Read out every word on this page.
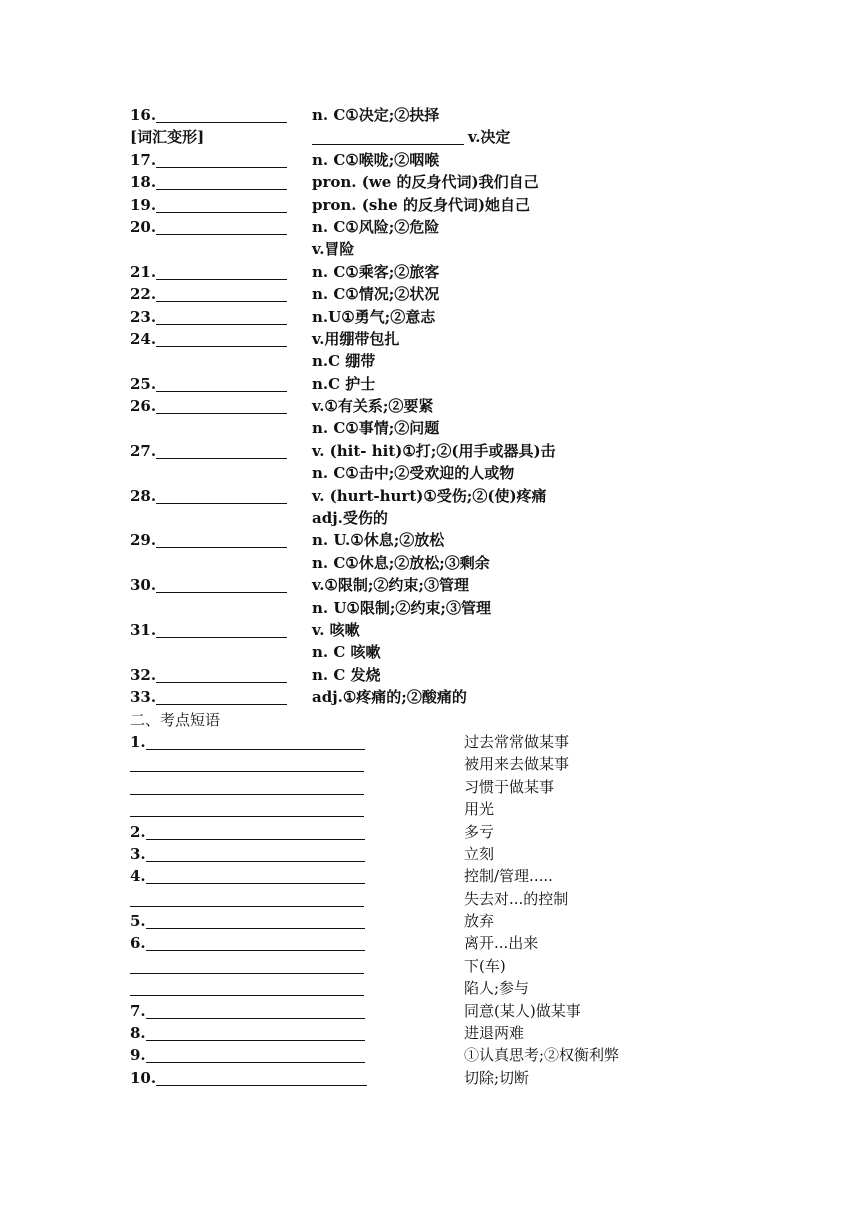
16.	n. C①决定;②抉择
[词汇变形]	v.决定
17.	n. C①喉咙;②咽喉
18.	pron. (we 的反身代词)我们自己
19.	pron. (she 的反身代词)她自己
20.	n. C①风险;②危险
v.冒险
21.	n. C①乘客;②旅客
22.	n. C①情况;②状况
23.	n.U①勇气;②意志
24.	v.用绷带包扎
n.C 绷带
25.	n.C 护士
26.	v.①有关系;②要紧
n. C①事情;②问题
27.	v. (hit- hit)①打;②(用手或器具)击
n. C①击中;②受欢迎的人或物
28.	v. (hurt-hurt)①受伤;②(使)疼痛
adj.受伤的
29.	n. U.①休息;②放松
n. C①休息;②放松;③剩余
30.	v.①限制;②约束;③管理
n. U①限制;②约束;③管理
31.	v. 咳嗽
n. C 咳嗽
32.	n. C 发烧
33.	adj.①疼痛的;②酸痛的
二、考点短语
1.	过去常常做某事
被用来去做某事
习惯于做某事
用光
2.	多亏
3.	立刻
4.	控制/管理.....
失去对...的控制
5.	放弃
6.	离开...出来
下(车)
陷人;参与
7.	同意(某人)做某事
8.	进退两难
9.	①认真思考;②权衡利弊
10.	切除;切断
